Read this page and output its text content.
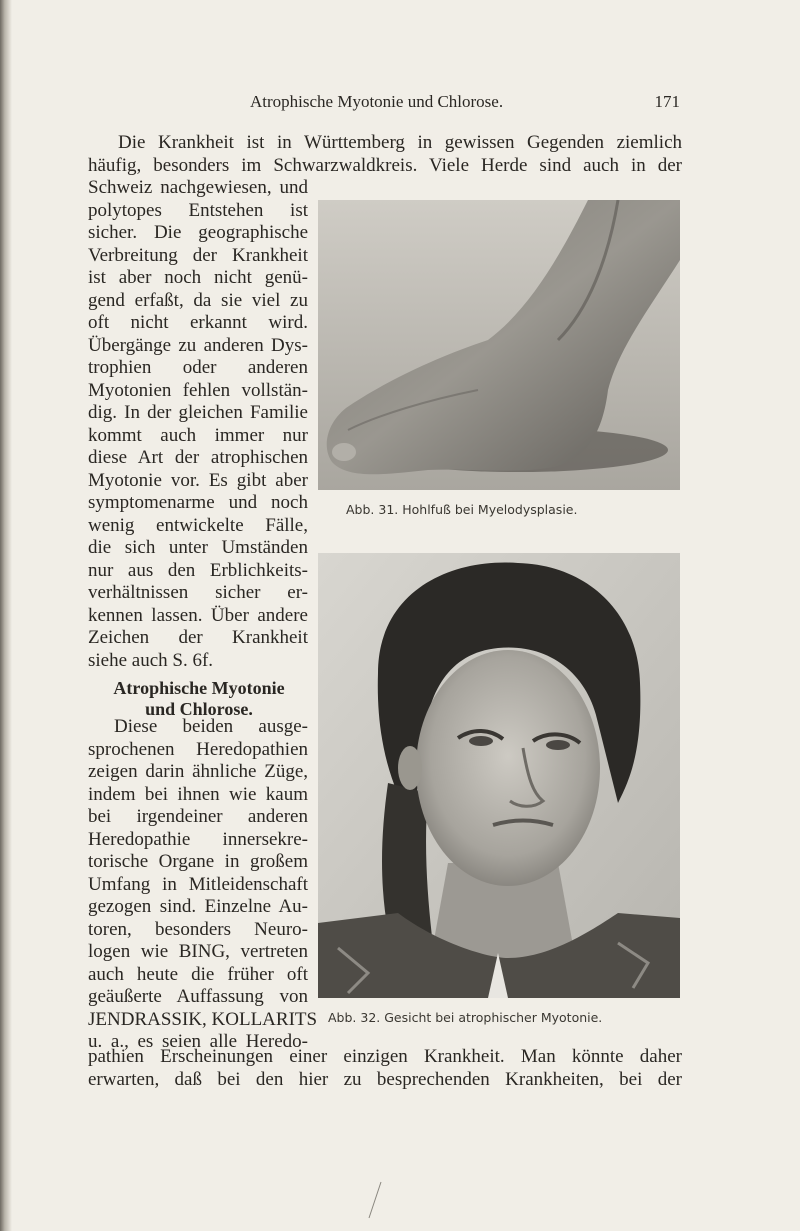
Atrophische Myotonie und Chlorose.	171
Die Krankheit ist in Württemberg in gewissen Gegenden ziemlich
häufig, besonders im Schwarzwaldkreis. Viele Herde sind auch in der
Schweiz nachgewiesen, und
polytopes Entstehen ist
sicher. Die geographische
Verbreitung der Krankheit
ist aber noch nicht genü-
gend erfaßt, da sie viel zu
oft nicht erkannt wird.
Übergänge zu anderen Dys-
trophien oder anderen
Myotonien fehlen vollstän-
dig. In der gleichen Familie
kommt auch immer nur
diese Art der atrophischen
Myotonie vor. Es gibt aber
symptomenarme und noch
wenig entwickelte Fälle,
die sich unter Umständen
nur aus den Erblichkeits-
verhältnissen sicher er-
kennen lassen. Über andere
Zeichen der Krankheit
siehe auch S. 6f.
Atrophische Myotonie
und Chlorose.
Diese beiden ausge-
sprochenen Heredopathien
zeigen darin ähnliche Züge,
indem bei ihnen wie kaum
bei irgendeiner anderen
Heredopathie innersekre-
torische Organe in großem
Umfang in Mitleidenschaft
gezogen sind. Einzelne Au-
toren, besonders Neuro-
logen wie BING, vertreten
auch heute die früher oft
geäußerte Auffassung von
JENDRASSIK, KOLLARITS
u. a., es seien alle Heredo-
pathien Erscheinungen einer einzigen Krankheit. Man könnte daher
erwarten, daß bei den hier zu besprechenden Krankheiten, bei der
Abb. 31. Hohlfuß bei Myelodysplasie.
Abb. 32. Gesicht bei atrophischer Myotonie.
